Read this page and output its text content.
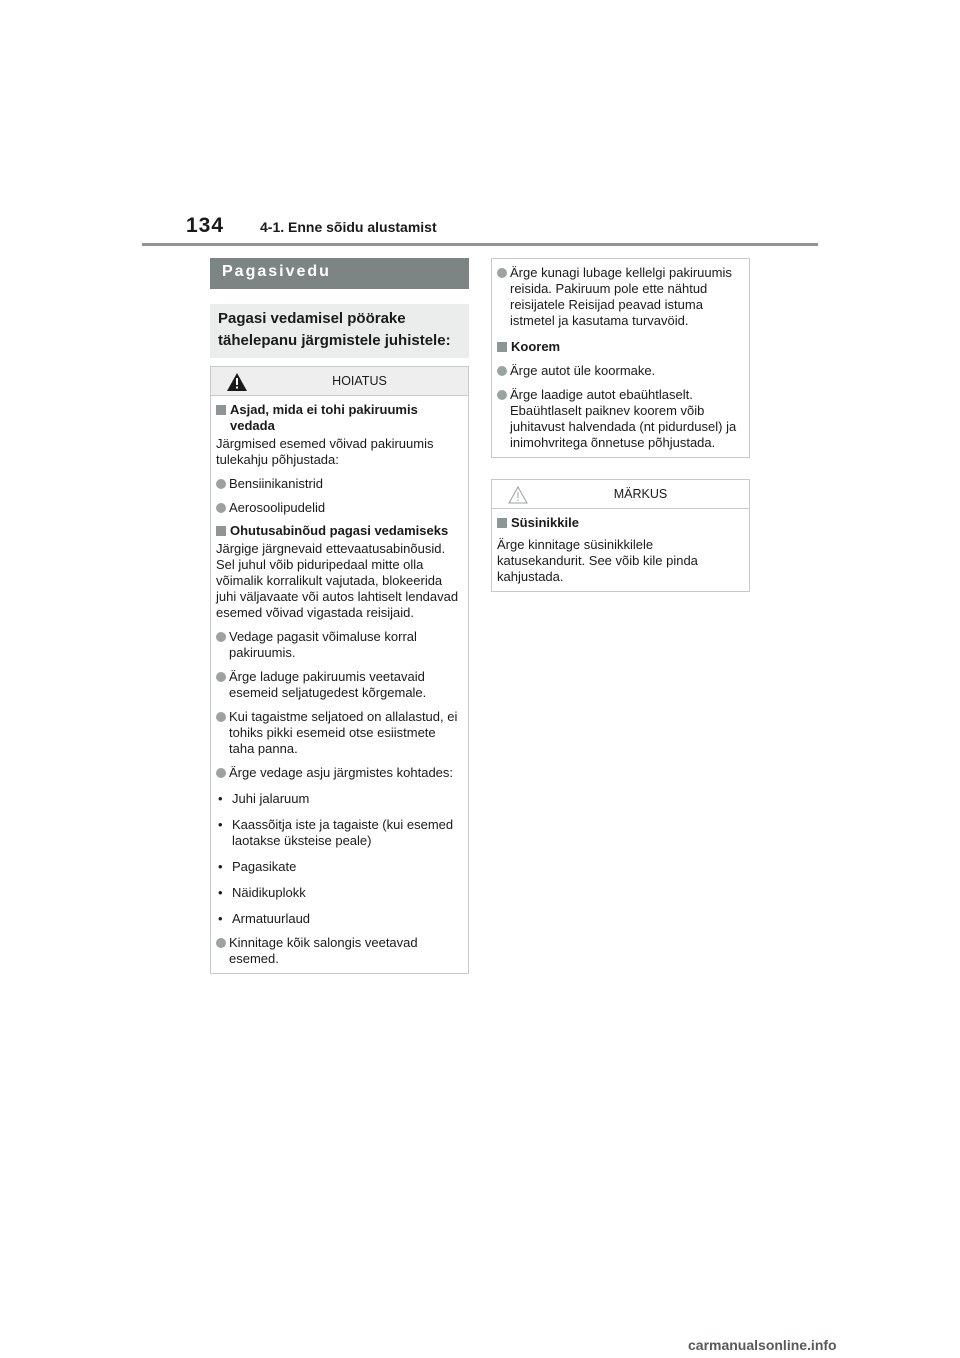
134	4-1. Enne sõidu alustamist
Pagasivedu
Pagasi vedamisel pöörake tähelepanu järgmistele juhistele:
HOIATUS
Asjad, mida ei tohi pakiruumis vedada
Järgmised esemed võivad pakiruumis tulekahju põhjustada:
Bensiinikanistrid
Aerosoolipudelid
Ohutusabinõud pagasi vedamiseks
Järgige järgnevaid ettevaatusabinõusid.
Sel juhul võib piduripedaal mitte olla võimalik korralikult vajutada, blokeerida juhi väljavaate või autos lahtiselt lendavad esemed võivad vigastada reisijaid.
Vedage pagasit võimaluse korral pakiruumis.
Ärge laduge pakiruumis veetavaid esemeid seljatugedest kõrgemale.
Kui tagaistme seljatoed on allalastud, ei tohiks pikki esemeid otse esiistmete taha panna.
Ärge vedage asju järgmistes kohtades:
• Juhi jalaruum
• Kaassõitja iste ja tagaiste (kui esemed laotakse üksteise peale)
• Pagasikate
• Näidikuplokk
• Armatuurlaud
Kinnitage kõik salongis veetavad esemed.
Ärge kunagi lubage kellelgi pakiruumis reisida. Pakiruum pole ette nähtud reisijatele Reisijad peavad istuma istmetel ja kasutama turvavöid.
Koorem
Ärge autot üle koormake.
Ärge laadige autot ebaühtlaselt. Ebaühtlaselt paiknev koorem võib juhitavust halvendada (nt pidurdusel) ja inimohvritega õnnetuse põhjustada.
MÄRKUS
Süsinikkile
Ärge kinnitage süsinikkilele katusekandurit. See võib kile pinda kahjustada.
carmanualsonline.info
